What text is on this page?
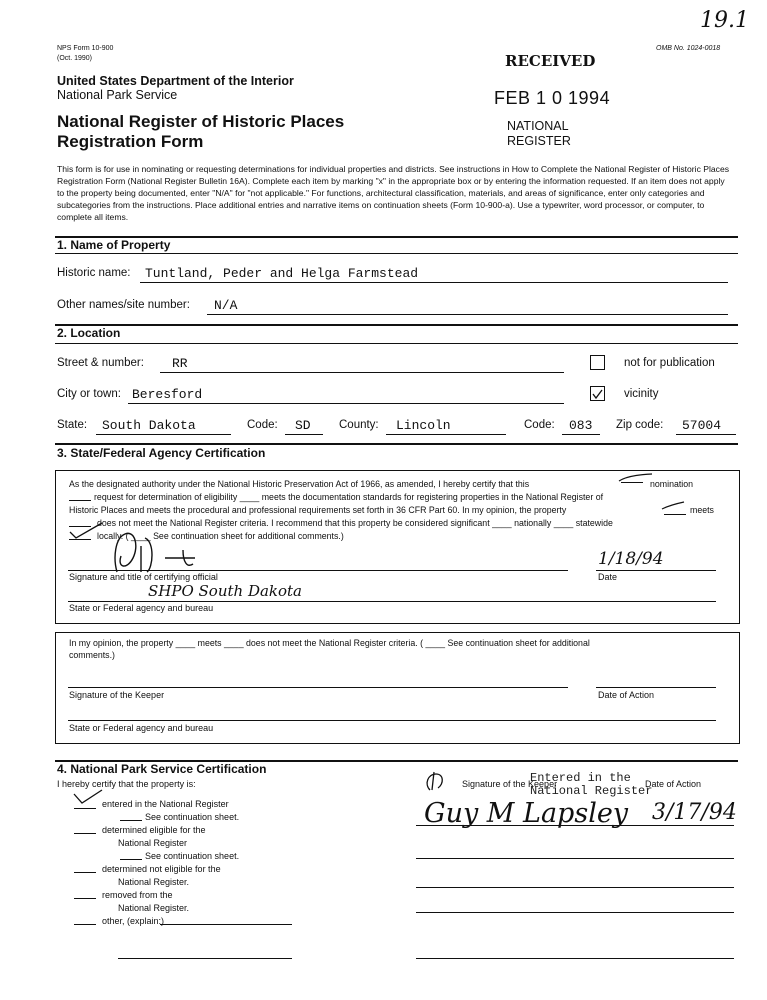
19.1
NPS Form 10-900
(Oct. 1990)
OMB No. 1024-0018
United States Department of the Interior
National Park Service
National Register of Historic Places
Registration Form
RECEIVED
FEB 1 0 1994
NATIONAL
REGISTER
This form is for use in nominating or requesting determinations for individual properties and districts. See instructions in How to Complete the National Register of Historic Places Registration Form (National Register Bulletin 16A). Complete each item by marking "x" in the appropriate box or by entering the information requested. If an item does not apply to the property being documented, enter "N/A" for "not applicable." For functions, architectural classification, materials, and areas of significance, enter only categories and subcategories from the instructions. Place additional entries and narrative items on continuation sheets (Form 10-900-a). Use a typewriter, word processor, or computer, to complete all items.
1. Name of Property
Historic name: Tuntland, Peder and Helga Farmstead
Other names/site number: N/A
2. Location
Street & number: RR	not for publication
City or town: Beresford	vicinity
State: South Dakota	Code: SD County: Lincoln	Code: 083 Zip code: 57004
3. State/Federal Agency Certification
As the designated authority under the National Historic Preservation Act of 1966, as amended, I hereby certify that this	nomination
request for determination of eligibility ____ meets the documentation standards for registering properties in the National Register of
Historic Places and meets the procedural and professional requirements set forth in 36 CFR Part 60. In my opinion, the property	meets
does not meet the National Register criteria. I recommend that this property be considered significant ____ nationally ____ statewide
locally. ( ____ See continuation sheet for additional comments.)
Signature and title of certifying official
1/18/94
Date
SHPO South Dakota
State or Federal agency and bureau
In my opinion, the property ____ meets ____ does not meet the National Register criteria. ( ____ See continuation sheet for additional
comments.)
Signature of the Keeper	Date of Action
State or Federal agency and bureau
4. National Park Service Certification
I hereby certify that the property is:
entered in the National Register
See continuation sheet.
determined eligible for the
National Register
See continuation sheet.
determined not eligible for the
National Register.
removed from the
National Register.
other, (explain:)
Signature of the Keeper	Date of Action
Entered in the
National Register
Guy M Lapsley 3/17/94
